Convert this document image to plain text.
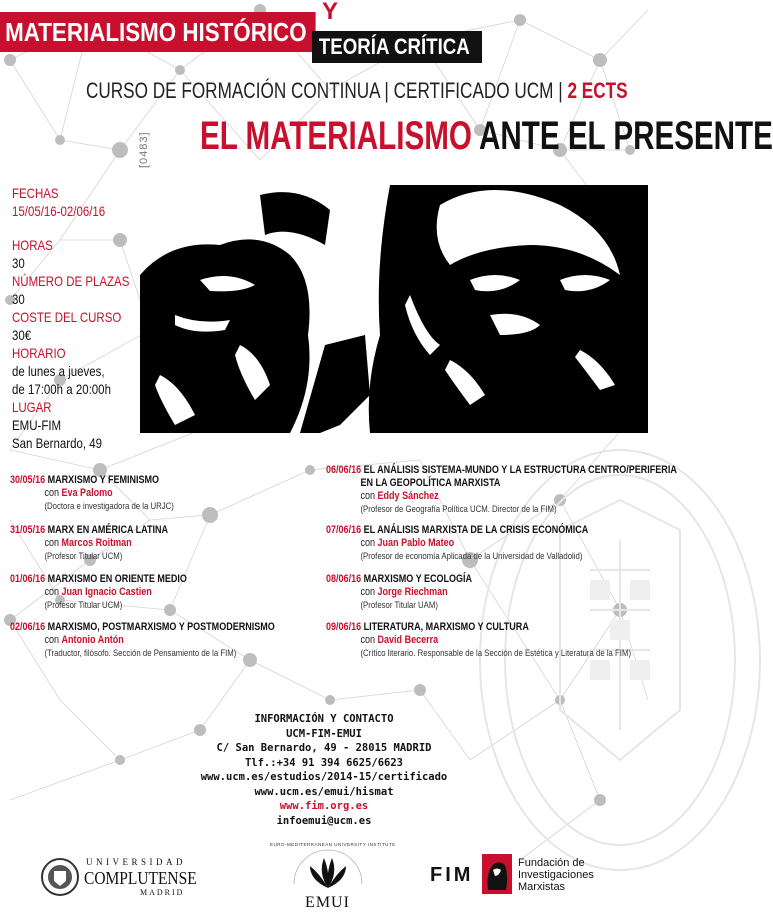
MATERIALISMO HISTÓRICO
Y
TEORÍA CRÍTICA
CURSO DE FORMACIÓN CONTINUA | CERTIFICADO UCM | 2 ECTS
[0483] EL MATERIALISMO ANTE EL PRESENTE
FECHAS
15/05/16-02/06/16
HORAS
30
NÚMERO DE PLAZAS
30
COSTE DEL CURSO
30€
HORARIO
de lunes a jueves,
de 17:00h a 20:00h
LUGAR
EMU-FIM
San Bernardo, 49
30/05/16 MARXISMO Y FEMINISMO
con Eva Palomo
(Doctora e investigadora de la URJC)
31/05/16 MARX EN AMÉRICA LATINA
con Marcos Roitman
(Profesor Titular UCM)
01/06/16 MARXISMO EN ORIENTE MEDIO
con Juan Ignacio Castien
(Profesor Titular UCM)
02/06/16 MARXISMO, POSTMARXISMO Y POSTMODERNISMO
con Antonio Antón
(Traductor, filósofo. Sección de Pensamiento de la FIM)
06/06/16 EL ANÁLISIS SISTEMA-MUNDO Y LA ESTRUCTURA CENTRO/PERIFERIA
EN LA GEOPOLÍTICA MARXISTA
con Eddy Sánchez
(Profesor de Geografía Política UCM. Director de la FIM)
07/06/16 EL ANÁLISIS MARXISTA DE LA CRISIS ECONÓMICA
con Juan Pablo Mateo
(Profesor de economía Aplicada de la Universidad de Valladolid)
08/06/16 MARXISMO Y ECOLOGÍA
con Jorge Riechman
(Profesor Titular UAM)
09/06/16 LITERATURA, MARXISMO Y CULTURA
con David Becerra
(Crítico literario. Responsable de la Sección de Estética y Literatura de la FIM)
INFORMACIÓN Y CONTACTO
UCM-FIM-EMUI
C/ San Bernardo, 49 - 28015 MADRID
Tlf.:+34 91 394 6625/6623
www.ucm.es/estudios/2014-15/certificado
www.ucm.es/emui/hismat
www.fim.org.es
infoemui@ucm.es
UNIVERSIDAD
COMPLUTENSE
MADRID
EURO-MEDITERRANEAN UNIVERSITY INSTITUTE
EMUI
FIM
Fundación de
Investigaciones
Marxistas
